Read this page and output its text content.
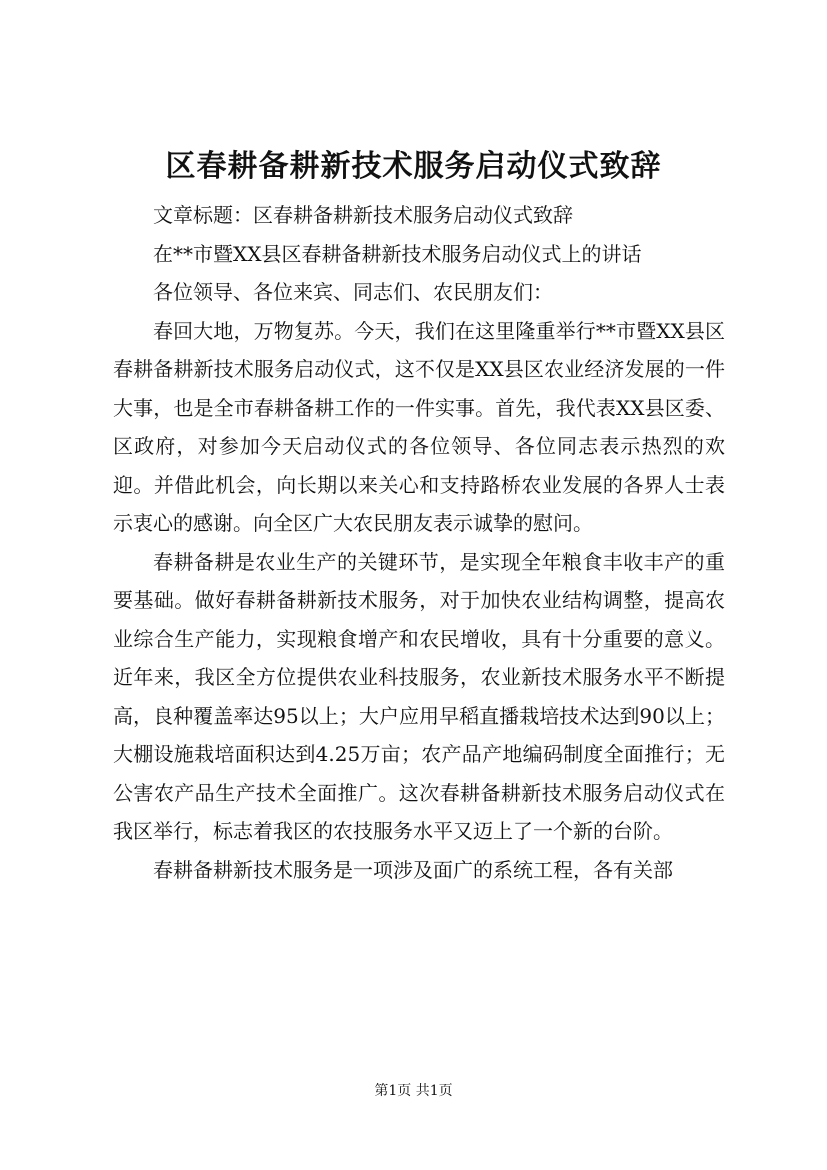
区春耕备耕新技术服务启动仪式致辞

文章标题：区春耕备耕新技术服务启动仪式致辞

在**市暨XX县区春耕备耕新技术服务启动仪式上的讲话

各位领导、各位来宾、同志们、农民朋友们：

春回大地，万物复苏。今天，我们在这里隆重举行**市暨XX县区春耕备耕新技术服务启动仪式，这不仅是XX县区农业经济发展的一件大事，也是全市春耕备耕工作的一件实事。首先，我代表XX县区委、区政府，对参加今天启动仪式的各位领导、各位同志表示热烈的欢迎。并借此机会，向长期以来关心和支持路桥农业发展的各界人士表示衷心的感谢。向全区广大农民朋友表示诚挚的慰问。

春耕备耕是农业生产的关键环节，是实现全年粮食丰收丰产的重要基础。做好春耕备耕新技术服务，对于加快农业结构调整，提高农业综合生产能力，实现粮食增产和农民增收，具有十分重要的意义。近年来，我区全方位提供农业科技服务，农业新技术服务水平不断提高，良种覆盖率达95以上；大户应用早稻直播栽培技术达到90以上；大棚设施栽培面积达到4.25万亩；农产品产地编码制度全面推行；无公害农产品生产技术全面推广。这次春耕备耕新技术服务启动仪式在我区举行，标志着我区的农技服务水平又迈上了一个新的台阶。

春耕备耕新技术服务是一项涉及面广的系统工程，各有关部

第1页 共1页
